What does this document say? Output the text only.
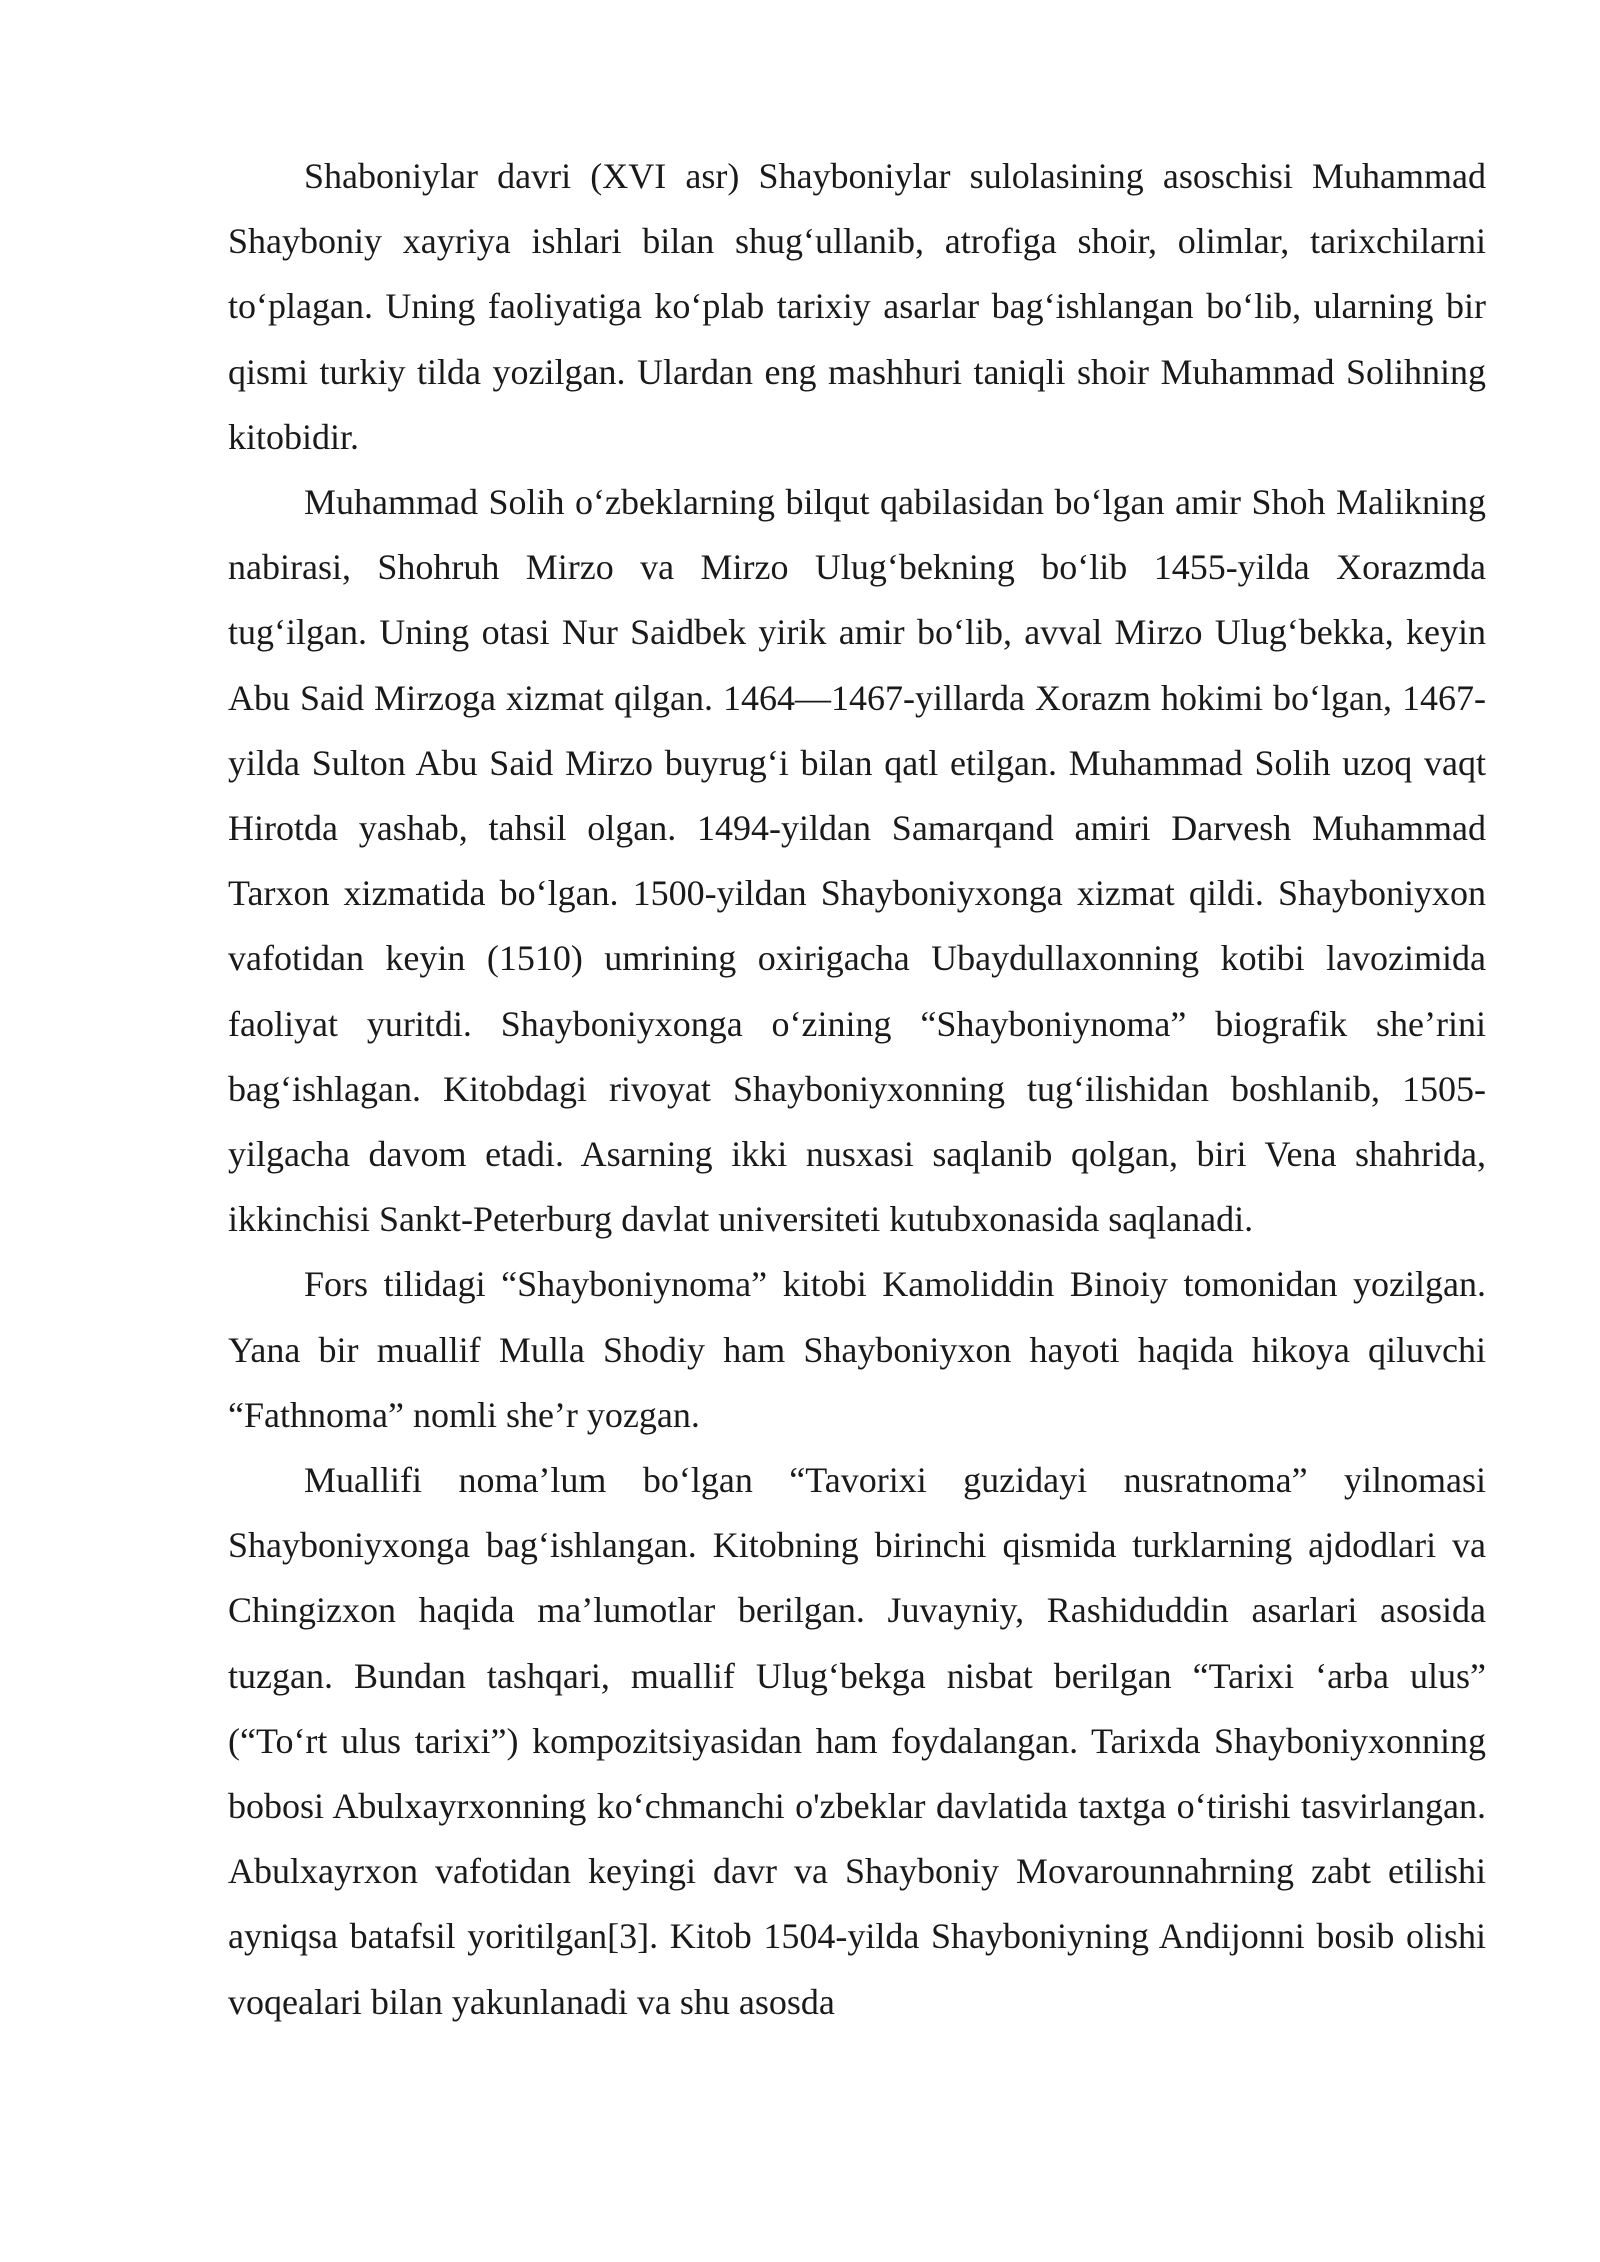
Shaboniylar davri (XVI asr) Shayboniylar sulolasining asoschisi Muhammad Shayboniy xayriya ishlari bilan shug‘ullanib, atrofiga shoir, olimlar, tarixchilarni to‘plagan. Uning faoliyatiga ko‘plab tarixiy asarlar bag‘ishlangan bo‘lib, ularning bir qismi turkiy tilda yozilgan. Ulardan eng mashhuri taniqli shoir Muhammad Solihning kitobidir.

Muhammad Solih o‘zbeklarning bilqut qabilasidan bo‘lgan amir Shoh Malikning nabirasi, Shohruh Mirzo va Mirzo Ulug‘bekning bo‘lib 1455-yilda Xorazmda tug‘ilgan. Uning otasi Nur Saidbek yirik amir bo‘lib, avval Mirzo Ulug‘bekka, keyin Abu Said Mirzoga xizmat qilgan. 1464—1467-yillarda Xorazm hokimi bo‘lgan, 1467-yilda Sulton Abu Said Mirzo buyrug‘i bilan qatl etilgan. Muhammad Solih uzoq vaqt Hirotda yashab, tahsil olgan. 1494-yildan Samarqand amiri Darvesh Muhammad Tarxon xizmatida bo‘lgan. 1500-yildan Shayboniyxonga xizmat qildi. Shayboniyxon vafotidan keyin (1510) umrining oxirigacha Ubaydullaxonning kotibi lavozimida faoliyat yuritdi. Shayboniyxonga o‘zining “Shayboniynoma” biografik she’rini bag‘ishlagan. Kitobdagi rivoyat Shayboniyxonning tug‘ilishidan boshlanib, 1505-yilgacha davom etadi. Asarning ikki nusxasi saqlanib qolgan, biri Vena shahrida, ikkinchisi Sankt-Peterburg davlat universiteti kutubxonasida saqlanadi.

Fors tilidagi “Shayboniynoma” kitobi Kamoliddin Binoiy tomonidan yozilgan. Yana bir muallif Mulla Shodiy ham Shayboniyxon hayoti haqida hikoya qiluvchi “Fathnoma” nomli she’r yozgan.

Muallifi noma’lum bo‘lgan “Tavorixi guzidayi nusratnoma” yilnomasi Shayboniyxonga bag‘ishlangan. Kitobning birinchi qismida turklarning ajdodlari va Chingizxon haqida ma’lumotlar berilgan. Juvayniy, Rashiduddin asarlari asosida tuzgan. Bundan tashqari, muallif Ulug‘bekga nisbat berilgan “Tarixi ‘arba ulus” (“To‘rt ulus tarixi”) kompozitsiyasidan ham foydalangan. Tarixda Shayboniyxonning bobosi Abulxayrxonning ko‘chmanchi o'zbeklar davlatida taxtga o‘tirishi tasvirlangan. Abulxayrxon vafotidan keyingi davr va Shayboniy Movarounnahrning zabt etilishi ayniqsa batafsil yoritilgan[3]. Kitob 1504-yilda Shayboniyning Andijonni bosib olishi voqealari bilan yakunlanadi va shu asosda
